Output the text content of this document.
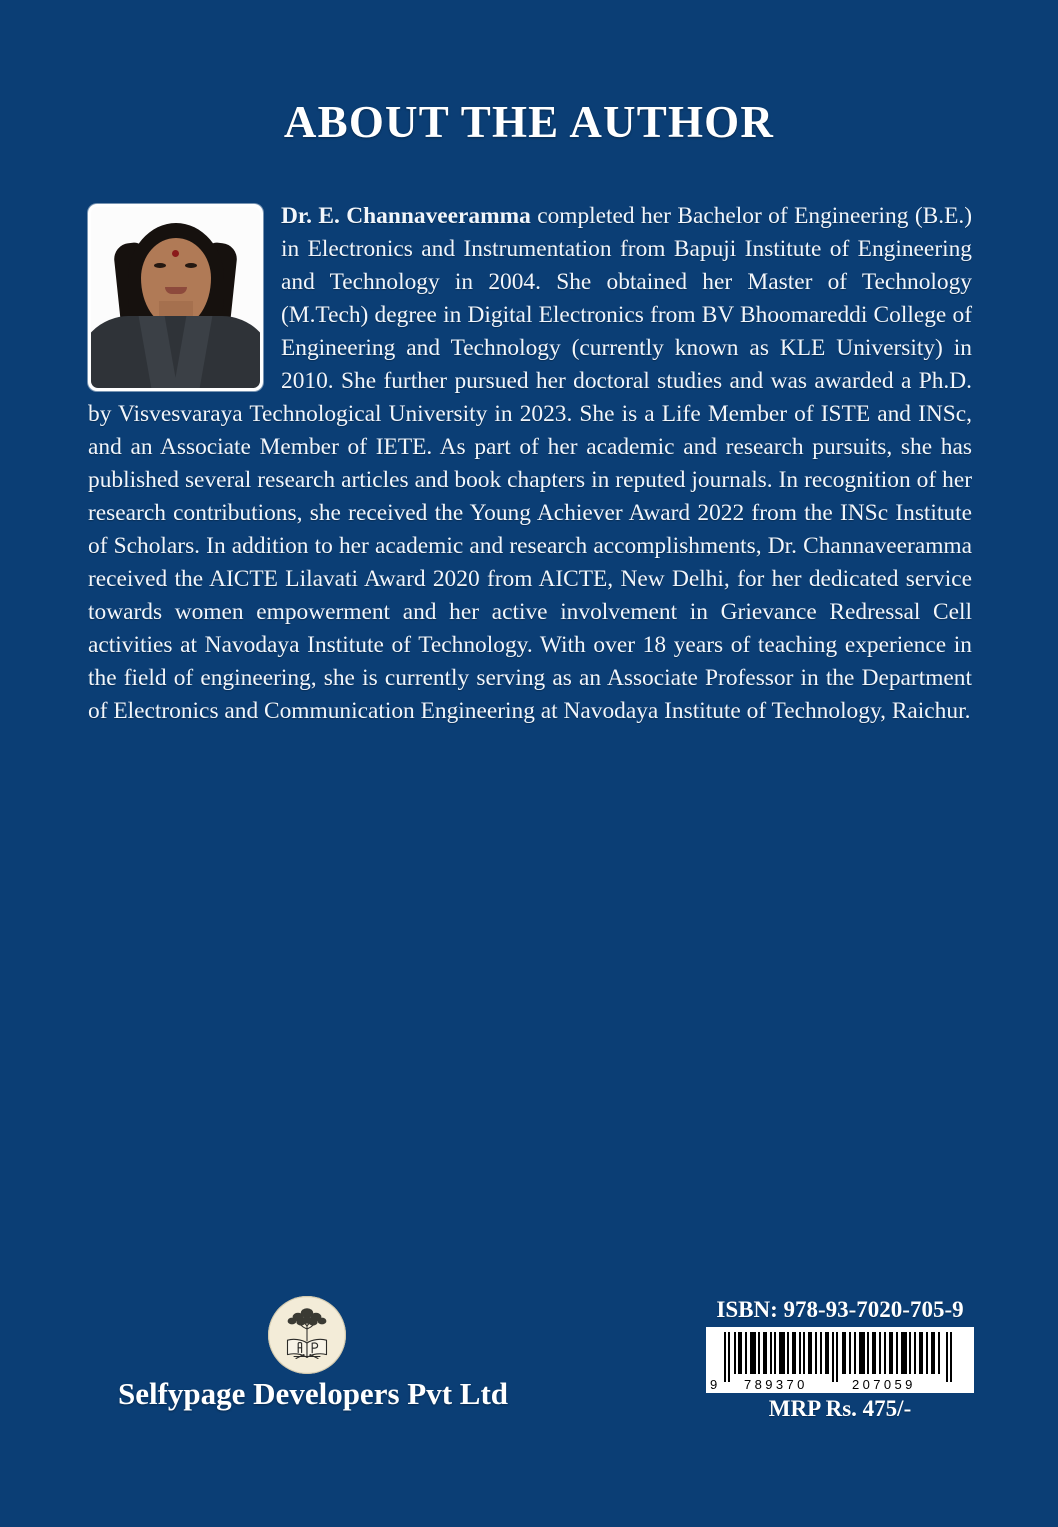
ABOUT THE AUTHOR
Dr. E. Channaveeramma completed her Bachelor of Engineering (B.E.) in Electronics and Instrumentation from Bapuji Institute of Engineering and Technology in 2004. She obtained her Master of Technology (M.Tech) degree in Digital Electronics from BV Bhoomareddi College of Engineering and Technology (currently known as KLE University) in 2010. She further pursued her doctoral studies and was awarded a Ph.D. by Visvesvaraya Technological University in 2023. She is a Life Member of ISTE and INSc, and an Associate Member of IETE. As part of her academic and research pursuits, she has published several research articles and book chapters in reputed journals. In recognition of her research contributions, she received the Young Achiever Award 2022 from the INSc Institute of Scholars. In addition to her academic and research accomplishments, Dr. Channaveeramma received the AICTE Lilavati Award 2020 from AICTE, New Delhi, for her dedicated service towards women empowerment and her active involvement in Grievance Redressal Cell activities at Navodaya Institute of Technology. With over 18 years of teaching experience in the field of engineering, she is currently serving as an Associate Professor in the Department of Electronics and Communication Engineering at Navodaya Institute of Technology, Raichur.
Selfypage Developers Pvt Ltd
ISBN: 978-93-7020-705-9
9 789370	207059
MRP Rs. 475/-
